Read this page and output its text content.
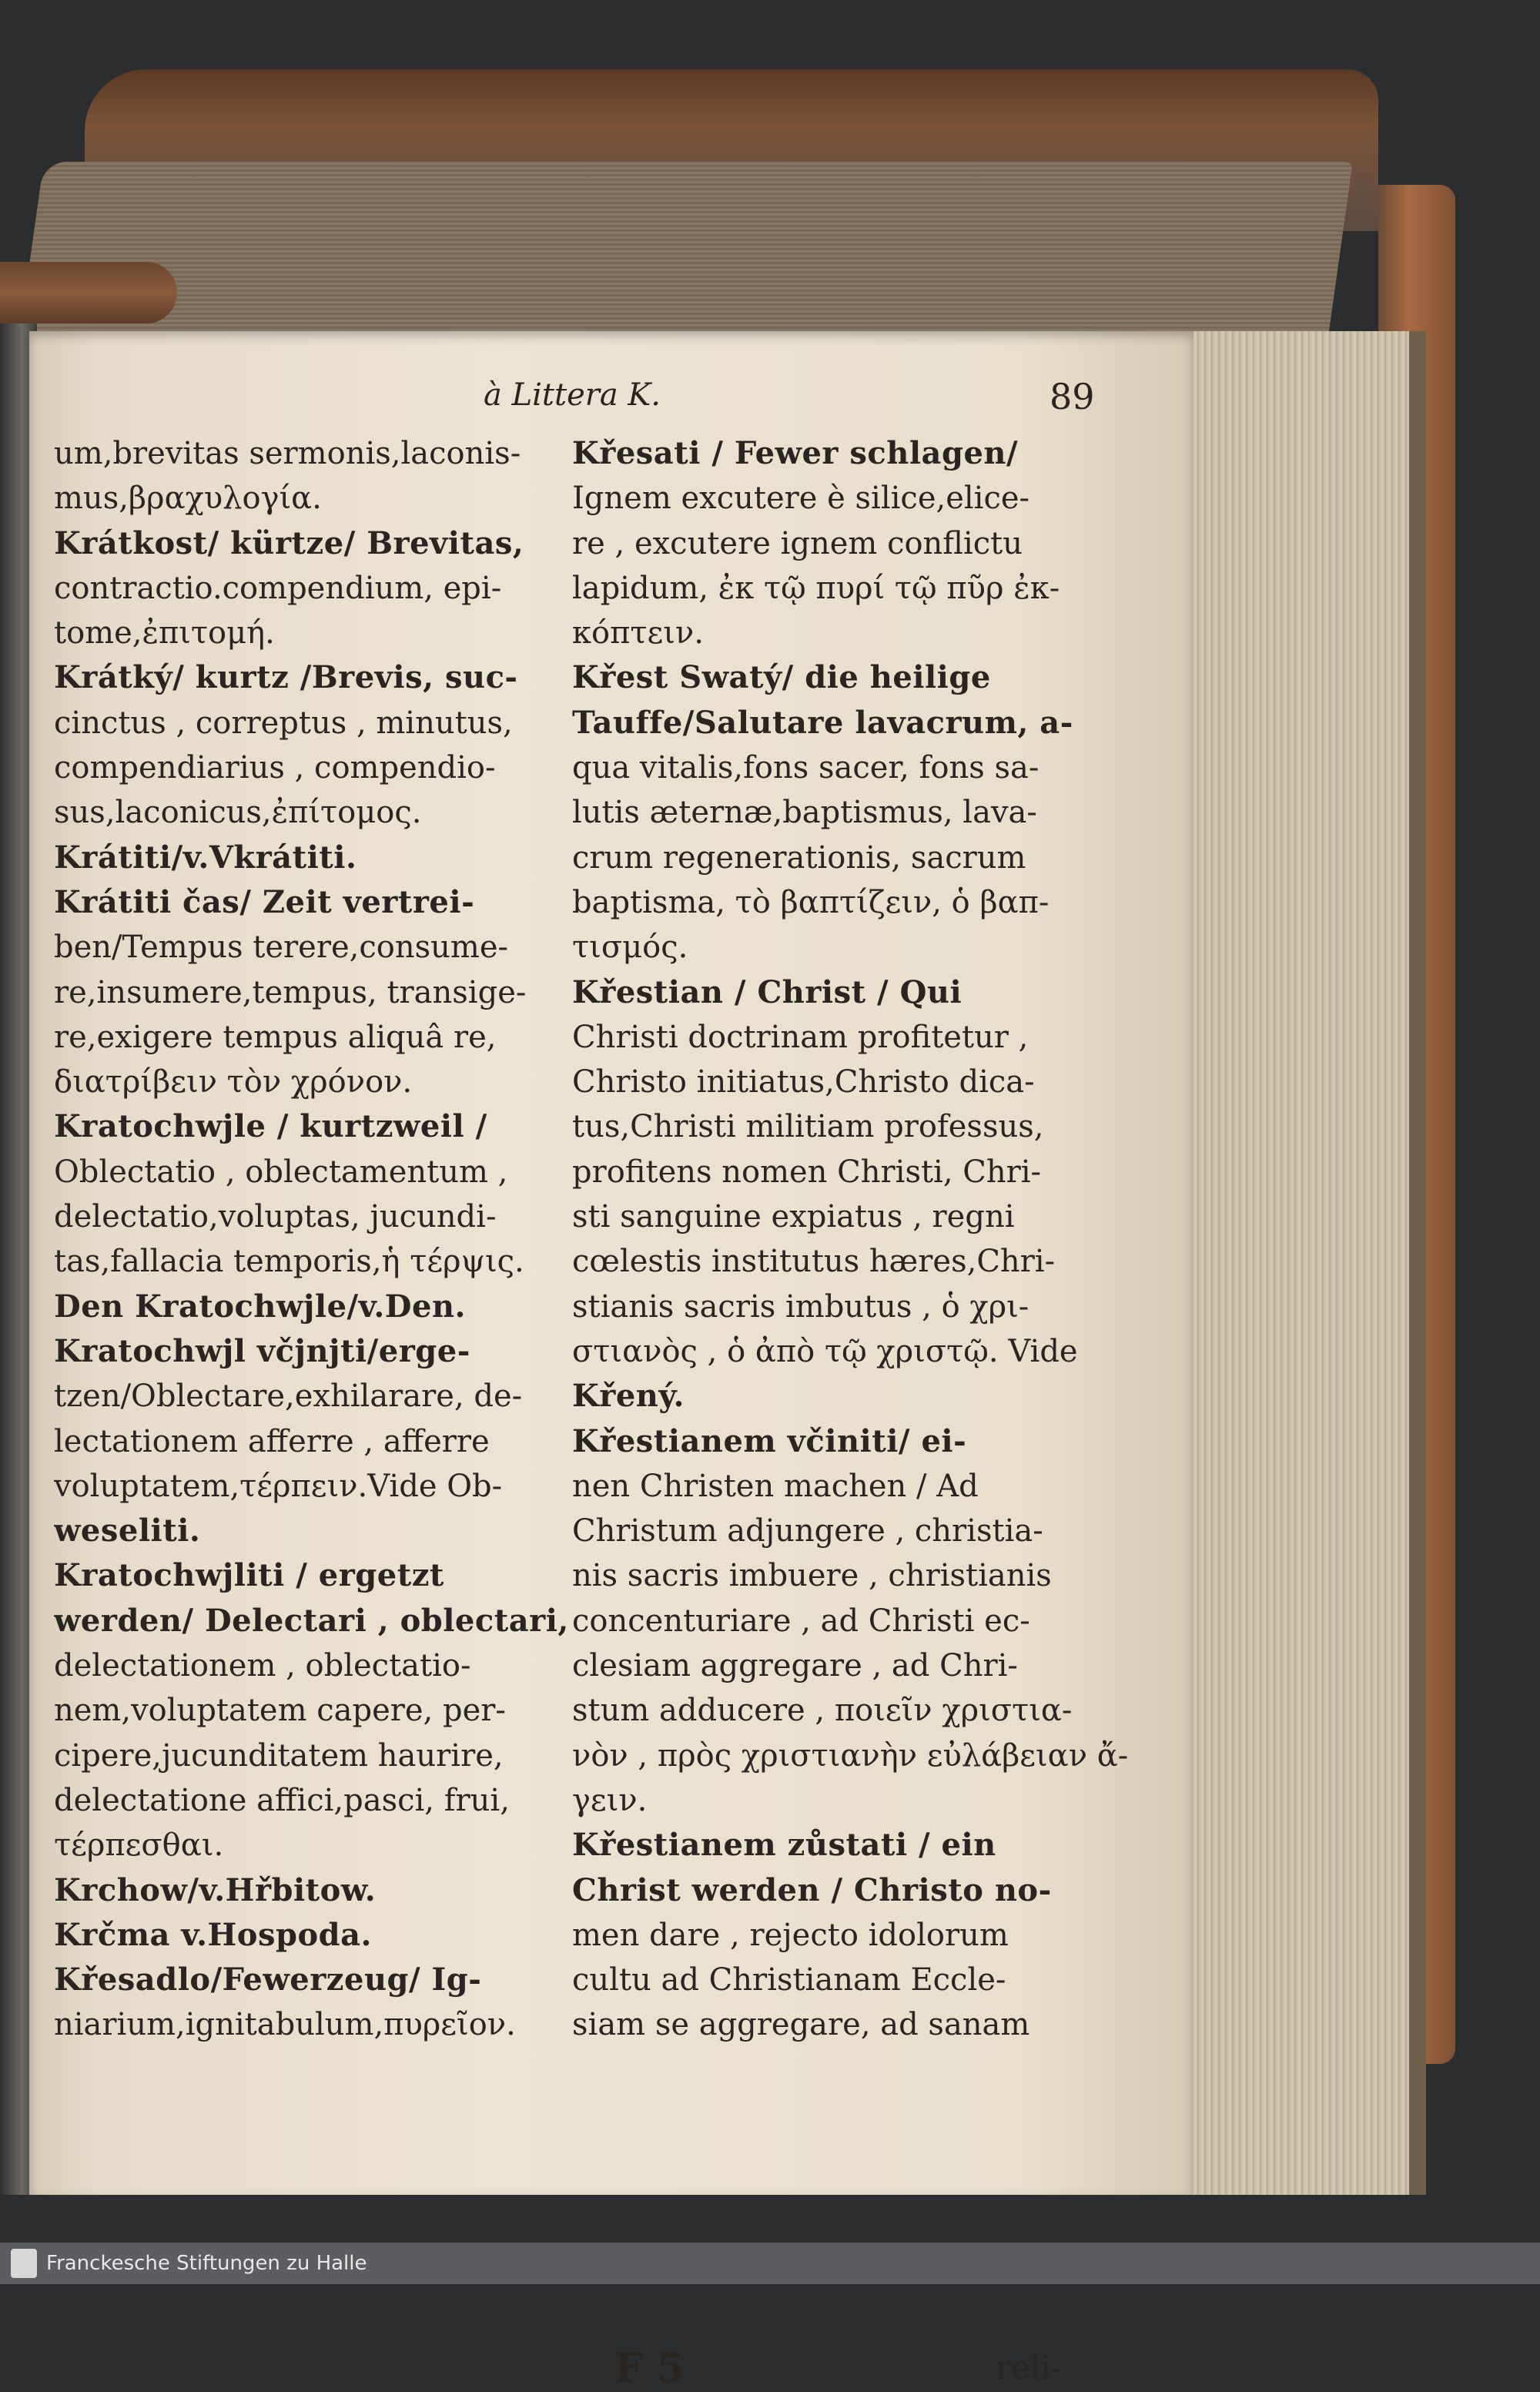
à Littera K.	89
um,brevitas sermonis,laconis-
mus,βραχυλογία.
Krátkost/ kürtze/ Brevitas,
contractio.compendium, epi-
tome,ἐπιτομή.
Krátký/ kurtz /Brevis, suc-
cinctus , correptus , minutus,
compendiarius , compendio-
sus,laconicus,ἐπίτομος.
Krátiti/v.Vkrátiti.
Krátiti čas/ Zeit vertrei-
ben/Tempus terere,consume-
re,insumere,tempus, transige-
re,exigere tempus aliquâ re,
διατρίβειν τὸν χρόνον.
Kratochwjle / kurtzweil /
Oblectatio , oblectamentum ,
delectatio,voluptas, jucundi-
tas,fallacia temporis,ἡ τέρψις.
Den Kratochwjle/v.Den.
Kratochwjl včjnjti/erge-
tzen/Oblectare,exhilarare, de-
lectationem afferre , afferre
voluptatem,τέρπειν.Vide Ob-
weseliti.
Kratochwjliti / ergetzt
werden/ Delectari , oblectari,
delectationem , oblectatio-
nem,voluptatem capere, per-
cipere,jucunditatem haurire,
delectatione affici,pasci, frui,
τέρπεσθαι.
Krchow/v.Hřbitow.
Krčma v.Hospoda.
Křesadlo/Fewerzeug/ Ig-
niarium,ignitabulum,πυρεῖον.
Křesati / Fewer schlagen/
Ignem excutere è silice,elice-
re , excutere ignem conflictu
lapidum, ἐκ τῷ πυρί τῷ πῦρ ἐκ-
κόπτειν.
Křest Swatý/ die heilige
Tauffe/Salutare lavacrum, a-
qua vitalis,fons sacer, fons sa-
lutis æternæ,baptismus, lava-
crum regenerationis, sacrum
baptisma, τὸ βαπτίζειν, ὁ βαπ-
τισμός.
Křestian / Christ / Qui
Christi doctrinam profitetur ,
Christo initiatus,Christo dica-
tus,Christi militiam professus,
profitens nomen Christi, Chri-
sti sanguine expiatus , regni
cœlestis institutus hæres,Chri-
stianis sacris imbutus , ὁ χρι-
στιανὸς , ὁ ἀπὸ τῷ χριστῷ. Vide
Křený.
Křestianem včiniti/ ei-
nen Christen machen / Ad
Christum adjungere , christia-
nis sacris imbuere , christianis
concenturiare , ad Christi ec-
clesiam aggregare , ad Chri-
stum adducere , ποιεῖν χριστια-
νὸν , πρὸς χριστιανὴν εὐλάβειαν ἄ-
γειν.
Křestianem zůstati / ein
Christ werden / Christo no-
men dare , rejecto idolorum
cultu ad Christianam Eccle-
siam se aggregare, ad sanam
F 5	reli-
Franckesche Stiftungen zu Halle
